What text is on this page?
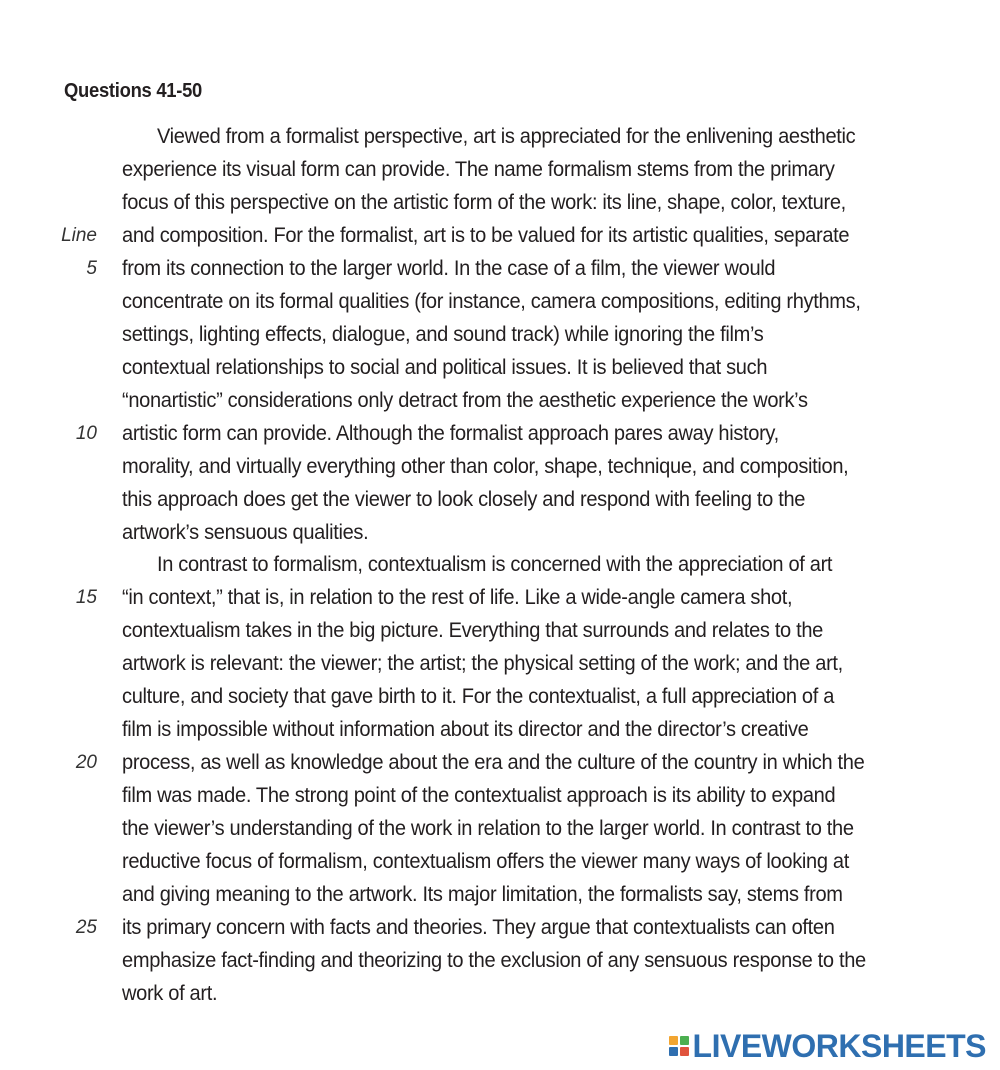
Questions 41-50
Viewed from a formalist perspective, art is appreciated for the enlivening aesthetic
experience its visual form can provide. The name formalism stems from the primary
focus of this perspective on the artistic form of the work: its line, shape, color, texture,
and composition. For the formalist, art is to be valued for its artistic qualities, separate
from its connection to the larger world. In the case of a film, the viewer would
concentrate on its formal qualities (for instance, camera compositions, editing rhythms,
settings, lighting effects, dialogue, and sound track) while ignoring the film’s
contextual relationships to social and political issues. It is believed that such
“nonartistic” considerations only detract from the aesthetic experience the work’s
artistic form can provide. Although the formalist approach pares away history,
morality, and virtually everything other than color, shape, technique, and composition,
this approach does get the viewer to look closely and respond with feeling to the
artwork’s sensuous qualities.
In contrast to formalism, contextualism is concerned with the appreciation of art
“in context,” that is, in relation to the rest of life. Like a wide-angle camera shot,
contextualism takes in the big picture. Everything that surrounds and relates to the
artwork is relevant: the viewer; the artist; the physical setting of the work; and the art,
culture, and society that gave birth to it. For the contextualist, a full appreciation of a
film is impossible without information about its director and the director’s creative
process, as well as knowledge about the era and the culture of the country in which the
film was made. The strong point of the contextualist approach is its ability to expand
the viewer’s understanding of the work in relation to the larger world. In contrast to the
reductive focus of formalism, contextualism offers the viewer many ways of looking at
and giving meaning to the artwork. Its major limitation, the formalists say, stems from
its primary concern with facts and theories. They argue that contextualists can often
emphasize fact-finding and theorizing to the exclusion of any sensuous response to the
work of art.
Line
5
10
15
20
25
LIVEWORKSHEETS
